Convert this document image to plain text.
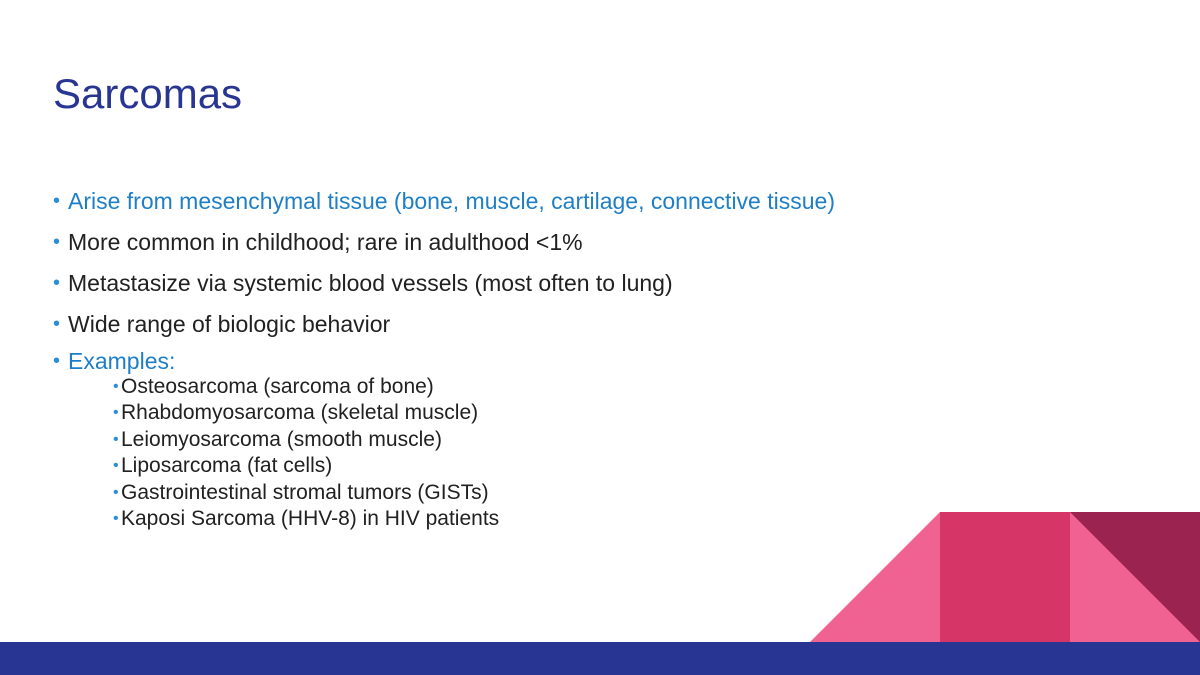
Sarcomas
• Arise from mesenchymal tissue (bone, muscle, cartilage, connective tissue)
• More common in childhood; rare in adulthood <1%
• Metastasize via systemic blood vessels (most often to lung)
• Wide range of biologic behavior
• Examples:
• Osteosarcoma (sarcoma of bone)
• Rhabdomyosarcoma (skeletal muscle)
• Leiomyosarcoma (smooth muscle)
• Liposarcoma (fat cells)
• Gastrointestinal stromal tumors (GISTs)
• Kaposi Sarcoma (HHV-8) in HIV patients
